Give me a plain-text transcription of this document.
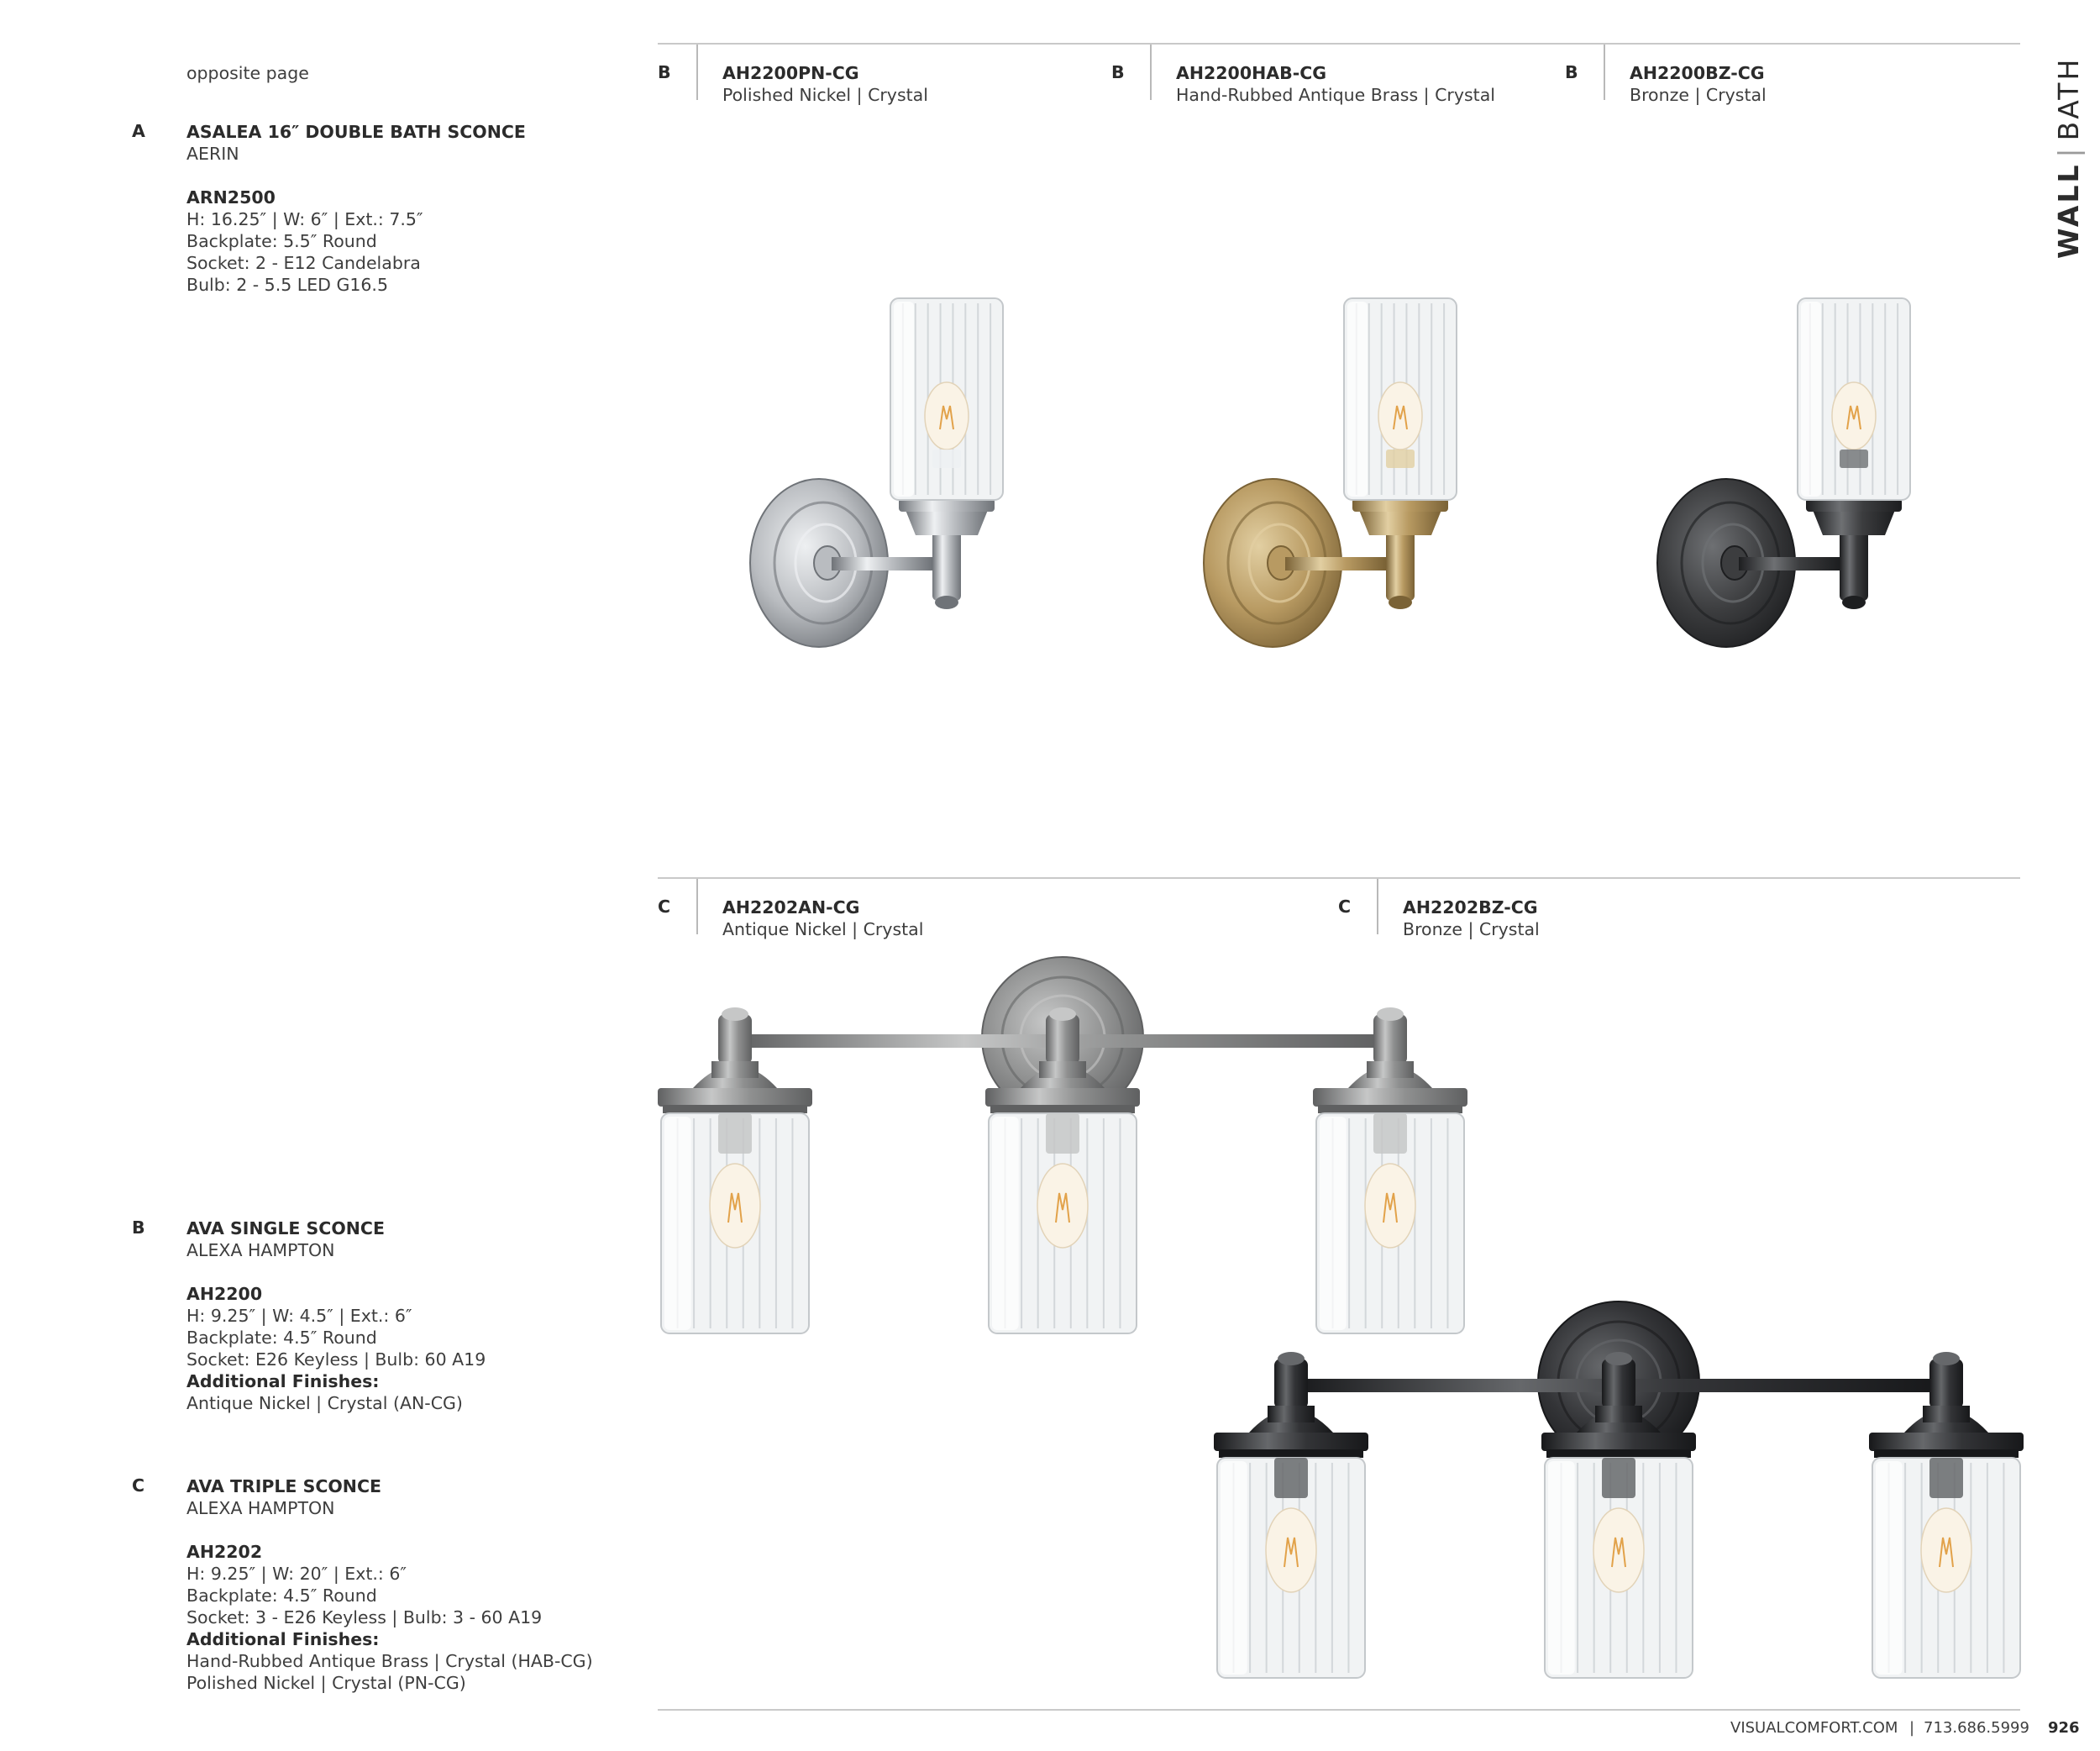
WALL|BATH
opposite page
A ASALEA 16″ DOUBLE BATH SCONCE
AERIN
ARN2500
H: 16.25″ | W: 6″ | Ext.: 7.5″
Backplate: 5.5″ Round
Socket: 2 - E12 Candelabra
Bulb: 2 - 5.5 LED G16.5
B AVA SINGLE SCONCE
ALEXA HAMPTON
AH2200
H: 9.25″ | W: 4.5″ | Ext.: 6″
Backplate: 4.5″ Round
Socket: E26 Keyless | Bulb: 60 A19
Additional Finishes:
Antique Nickel | Crystal (AN-CG)
C AVA TRIPLE SCONCE
ALEXA HAMPTON
AH2202
H: 9.25″ | W: 20″ | Ext.: 6″
Backplate: 4.5″ Round
Socket: 3 - E26 Keyless | Bulb: 3 - 60 A19
Additional Finishes:
Hand-Rubbed Antique Brass | Crystal (HAB-CG)
Polished Nickel | Crystal (PN-CG)
B	AH2200PN-CG
Polished Nickel | Crystal
B	AH2200HAB-CG
Hand-Rubbed Antique Brass | Crystal
B	AH2200BZ-CG
Bronze | Crystal
C	AH2202AN-CG
Antique Nickel | Crystal
C	AH2202BZ-CG
Bronze | Crystal
VISUALCOMFORT.COM | 713.686.5999 926
